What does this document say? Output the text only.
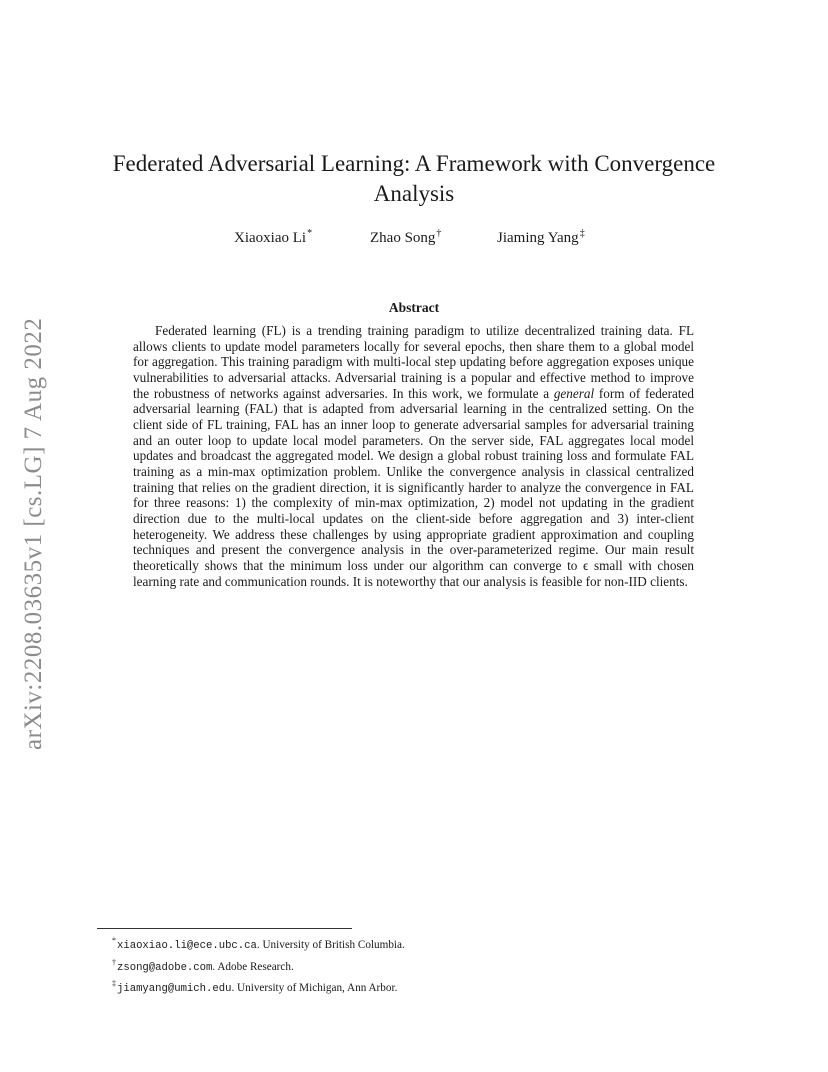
arXiv:2208.03635v1 [cs.LG] 7 Aug 2022
Federated Adversarial Learning: A Framework with Convergence Analysis
Xiaoxiao Li*	Zhao Song†	Jiaming Yang‡
Abstract
Federated learning (FL) is a trending training paradigm to utilize decentralized training data. FL allows clients to update model parameters locally for several epochs, then share them to a global model for aggregation. This training paradigm with multi-local step updating before aggregation exposes unique vulnerabilities to adversarial attacks. Adversarial training is a popular and effective method to improve the robustness of networks against adversaries. In this work, we formulate a general form of federated adversarial learning (FAL) that is adapted from adversarial learning in the centralized setting. On the client side of FL training, FAL has an inner loop to generate adversarial samples for adversarial training and an outer loop to update local model parameters. On the server side, FAL aggregates local model updates and broadcast the aggregated model. We design a global robust training loss and formulate FAL training as a min-max optimization problem. Unlike the convergence analysis in classical centralized training that relies on the gradient direction, it is significantly harder to analyze the convergence in FAL for three reasons: 1) the complexity of min-max optimization, 2) model not updating in the gradient direction due to the multi-local updates on the client-side before aggregation and 3) inter-client heterogeneity. We address these challenges by using appropriate gradient approximation and coupling techniques and present the convergence analysis in the over-parameterized regime. Our main result theoretically shows that the minimum loss under our algorithm can converge to ϵ small with chosen learning rate and communication rounds. It is noteworthy that our analysis is feasible for non-IID clients.
*xiaoxiao.li@ece.ubc.ca. University of British Columbia.
†zsong@adobe.com. Adobe Research.
‡jiamyang@umich.edu. University of Michigan, Ann Arbor.
